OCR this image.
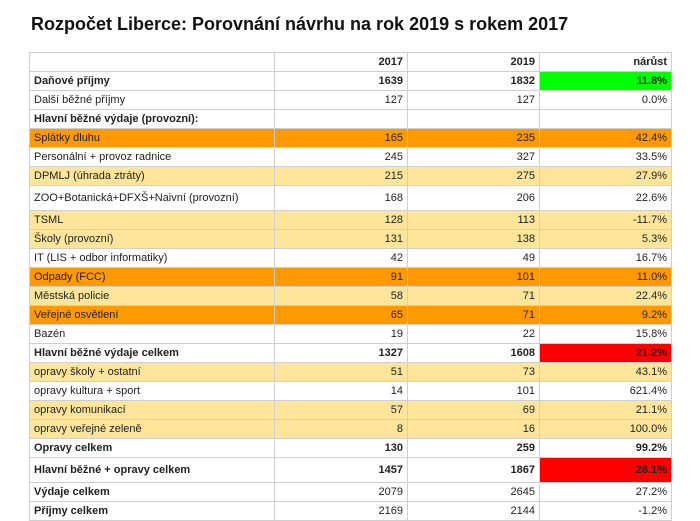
Rozpočet Liberce: Porovnání návrhu na rok 2019 s rokem 2017
	2017	2019	nárůst
Daňové příjmy	1639	1832	11.8%
Další běžné příjmy	127	127	0.0%
Hlavní běžné výdaje (provozní):			
Splátky dluhu	165	235	42.4%
Personální + provoz radnice	245	327	33.5%
DPMLJ (úhrada ztráty)	215	275	27.9%
ZOO+Botanická+DFXŠ+Naivní (provozní)	168	206	22.6%
TSML	128	113	-11.7%
Školy (provozní)	131	138	5.3%
IT (LIS + odbor informatiky)	42	49	16.7%
Odpady (FCC)	91	101	11.0%
Městská policie	58	71	22.4%
Veřejné osvětlení	65	71	9.2%
Bazén	19	22	15.8%
Hlavní běžné výdaje celkem	1327	1608	21.2%
opravy školy + ostatní	51	73	43.1%
opravy kultura + sport	14	101	621.4%
opravy komunikací	57	69	21.1%
opravy veřejné zeleně	8	16	100.0%
Opravy celkem	130	259	99.2%
Hlavní běžné + opravy celkem	1457	1867	28.1%
Výdaje celkem	2079	2645	27.2%
Příjmy celkem	2169	2144	-1.2%
